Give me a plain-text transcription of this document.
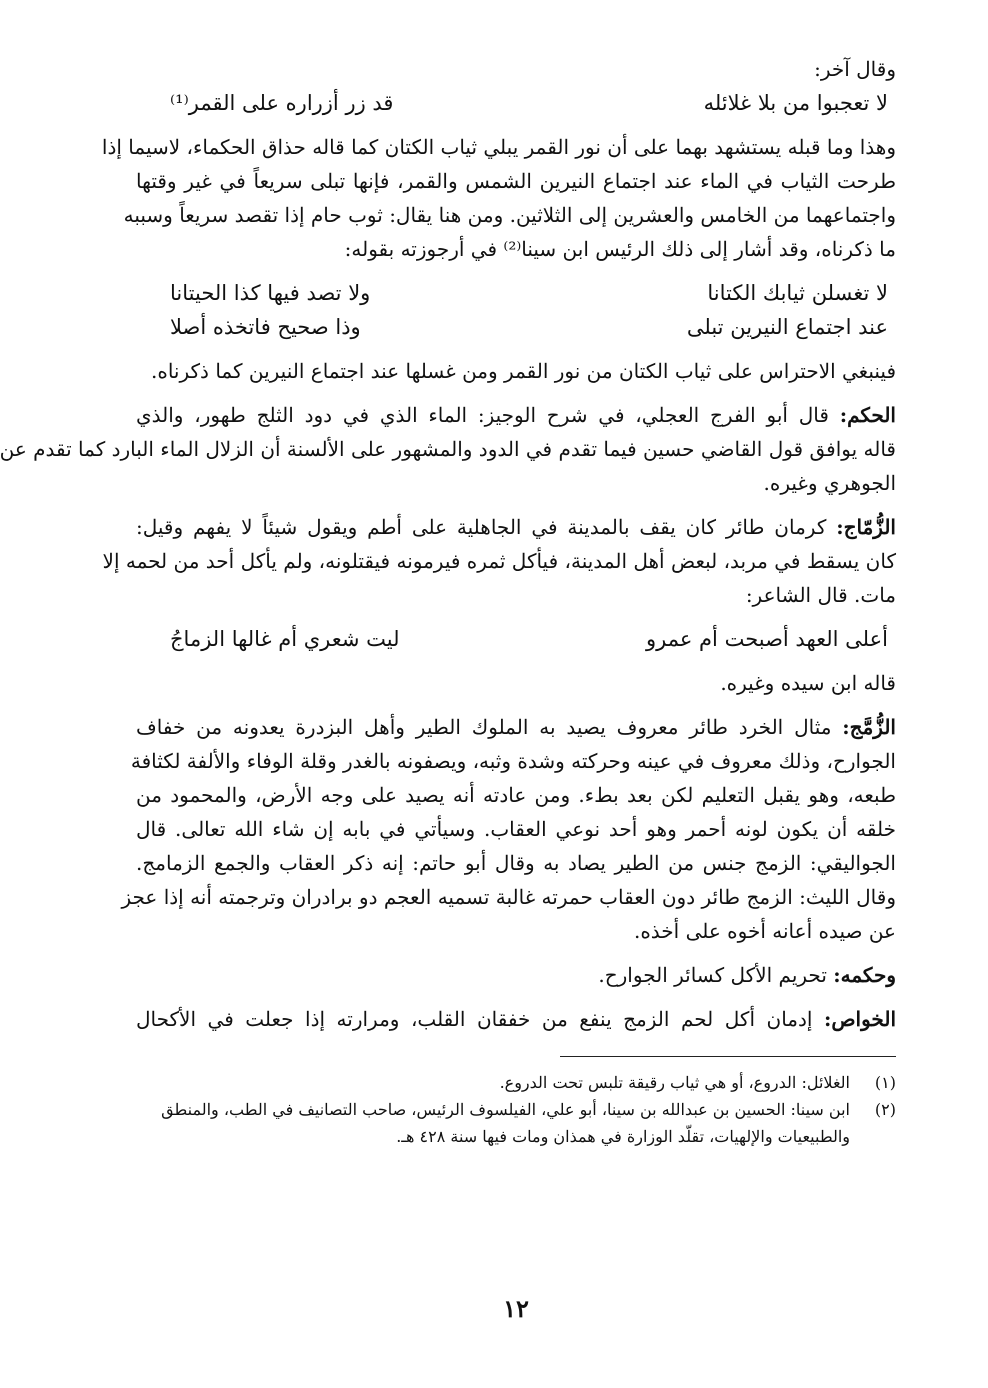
وقال آخر:
لا تعجبوا من بلا غلائله
قد زر أزراره على القمر⁽¹⁾
وهذا وما قبله يستشهد بهما على أن نور القمر يبلي ثياب الكتان كما قاله حذاق الحكماء، لاسيما إذا
طرحت الثياب في الماء عند اجتماع النيرين الشمس والقمر، فإنها تبلى سريعاً في غير وقتها
واجتماعهما من الخامس والعشرين إلى الثلاثين. ومن هنا يقال: ثوب حام إذا تقصد سريعاً وسببه
ما ذكرناه، وقد أشار إلى ذلك الرئيس ابن سينا⁽²⁾ في أرجوزته بقوله:
لا تغسلن ثيابك الكتانا
ولا تصد فيها كذا الحيتانا
عند اجتماع النيرين تبلى
وذا صحيح فاتخذه أصلا
فينبغي الاحتراس على ثياب الكتان من نور القمر ومن غسلها عند اجتماع النيرين كما ذكرناه.
الحكم: قال أبو الفرج العجلي، في شرح الوجيز: الماء الذي في دود الثلج طهور، والذي
قاله يوافق قول القاضي حسين فيما تقدم في الدود والمشهور على الألسنة أن الزلال الماء البارد كما تقدم عن
الجوهري وغيره.
الزُّمّاج: كرمان طائر كان يقف بالمدينة في الجاهلية على أطم ويقول شيئاً لا يفهم وقيل:
كان يسقط في مربد، لبعض أهل المدينة، فيأكل ثمره فيرمونه فيقتلونه، ولم يأكل أحد من لحمه إلا
مات. قال الشاعر:
أعلى العهد أصبحت أم عمرو
ليت شعري أم غالها الزماجُ
قاله ابن سيده وغيره.
الزُّمَّج: مثال الخرد طائر معروف يصيد به الملوك الطير وأهل البزدرة يعدونه من خفاف
الجوارح، وذلك معروف في عينه وحركته وشدة وثبه، ويصفونه بالغدر وقلة الوفاء والألفة لكثافة
طبعه، وهو يقبل التعليم لكن بعد بطء. ومن عادته أنه يصيد على وجه الأرض، والمحمود من
خلقه أن يكون لونه أحمر وهو أحد نوعي العقاب. وسيأتي في بابه إن شاء الله تعالى. قال
الجواليقي: الزمج جنس من الطير يصاد به وقال أبو حاتم: إنه ذكر العقاب والجمع الزمامج.
وقال الليث: الزمج طائر دون العقاب حمرته غالبة تسميه العجم دو برادران وترجمته أنه إذا عجز
عن صيده أعانه أخوه على أخذه.
وحكمه: تحريم الأكل كسائر الجوارح.
الخواص: إدمان أكل لحم الزمج ينفع من خفقان القلب، ومرارته إذا جعلت في الأكحال
(١)
الغلائل: الدروع، أو هي ثياب رقيقة تلبس تحت الدروع.
(٢)
ابن سينا: الحسين بن عبدالله بن سينا، أبو علي، الفيلسوف الرئيس، صاحب التصانيف في الطب، والمنطق
والطبيعيات والإلهيات، تقلّد الوزارة في همذان ومات فيها سنة ٤٢٨ هـ.
١٢
